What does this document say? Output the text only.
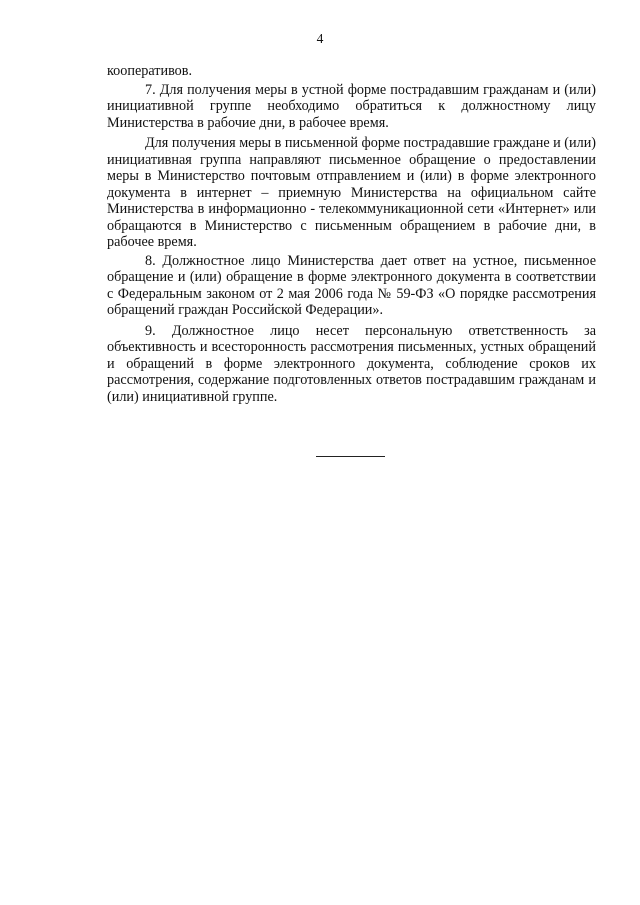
4

кооперативов.

7. Для получения меры в устной форме пострадавшим гражданам и (или) инициативной группе необходимо обратиться к должностному лицу Министерства в рабочие дни, в рабочее время.

Для получения меры в письменной форме пострадавшие граждане и (или) инициативная группа направляют письменное обращение о предоставлении меры в Министерство почтовым отправлением и (или) в форме электронного документа в интернет – приемную Министерства на официальном сайте Министерства в информационно - телекоммуникационной сети «Интернет» или обращаются в Министерство с письменным обращением в рабочие дни, в рабочее время.

8. Должностное лицо Министерства дает ответ на устное, письменное обращение и (или) обращение в форме электронного документа в соответствии с Федеральным законом от 2 мая 2006 года № 59-ФЗ «О порядке рассмотрения обращений граждан Российской Федерации».

9. Должностное лицо несет персональную ответственность за объективность и всесторонность рассмотрения письменных, устных обращений и обращений в форме электронного документа, соблюдение сроков их рассмотрения, содержание подготовленных ответов пострадавшим гражданам и (или) инициативной группе.
